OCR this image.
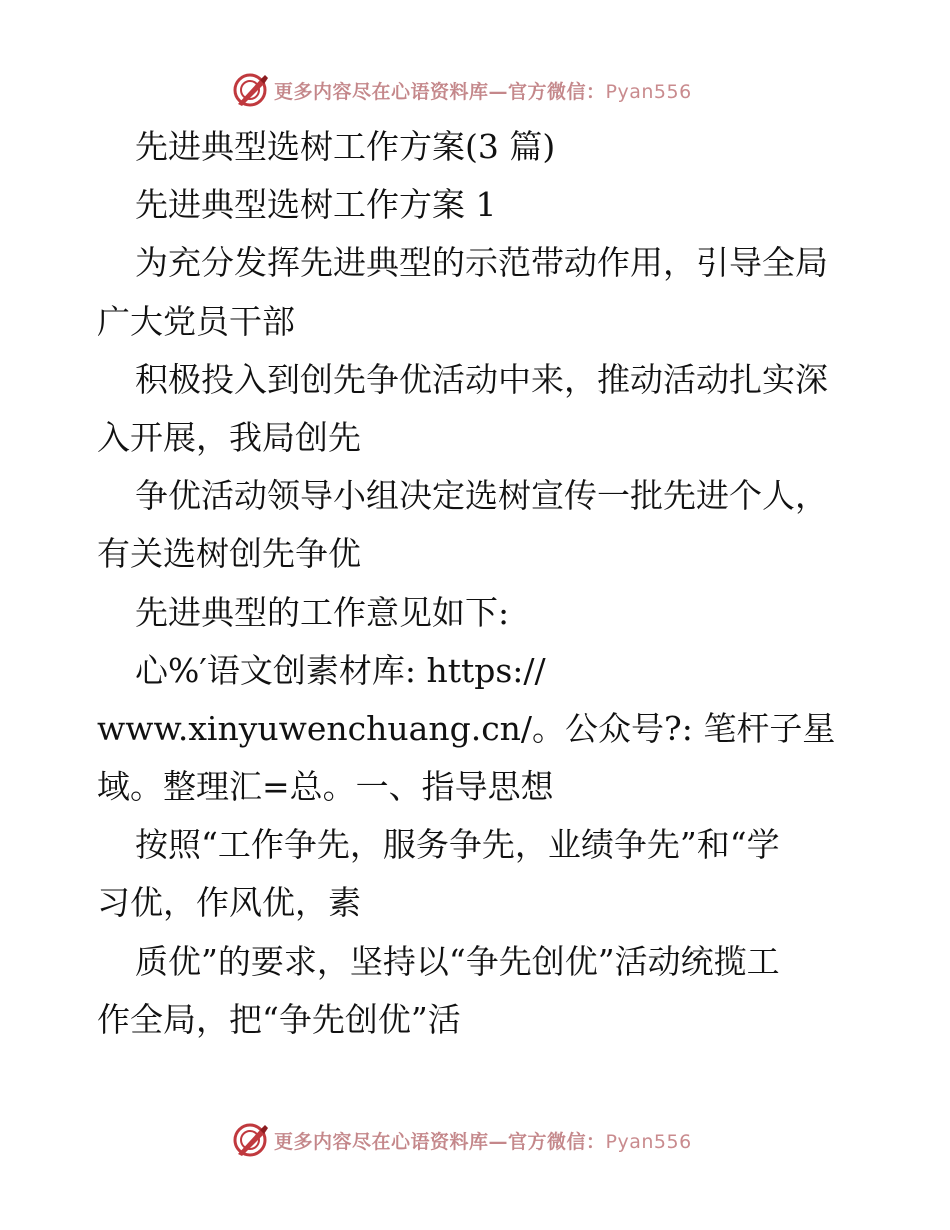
更多内容尽在心语资料库—官方微信：Pyan556
先进典型选树工作方案(3 篇)
先进典型选树工作方案 1
为充分发挥先进典型的示范带动作用，引导全局
广大党员干部
积极投入到创先争优活动中来，推动活动扎实深
入开展，我局创先
争优活动领导小组决定选树宣传一批先进个人，
有关选树创先争优
先进典型的工作意见如下:
心%′语文创素材库: https://
www.xinyuwenchuang.cn/。公众号?: 笔杆子星
域。整理汇=总。一、指导思想
按照“工作争先，服务争先，业绩争先”和“学
习优，作风优，素
质优”的要求，坚持以“争先创优”活动统揽工
作全局，把“争先创优”活
更多内容尽在心语资料库—官方微信：Pyan556
